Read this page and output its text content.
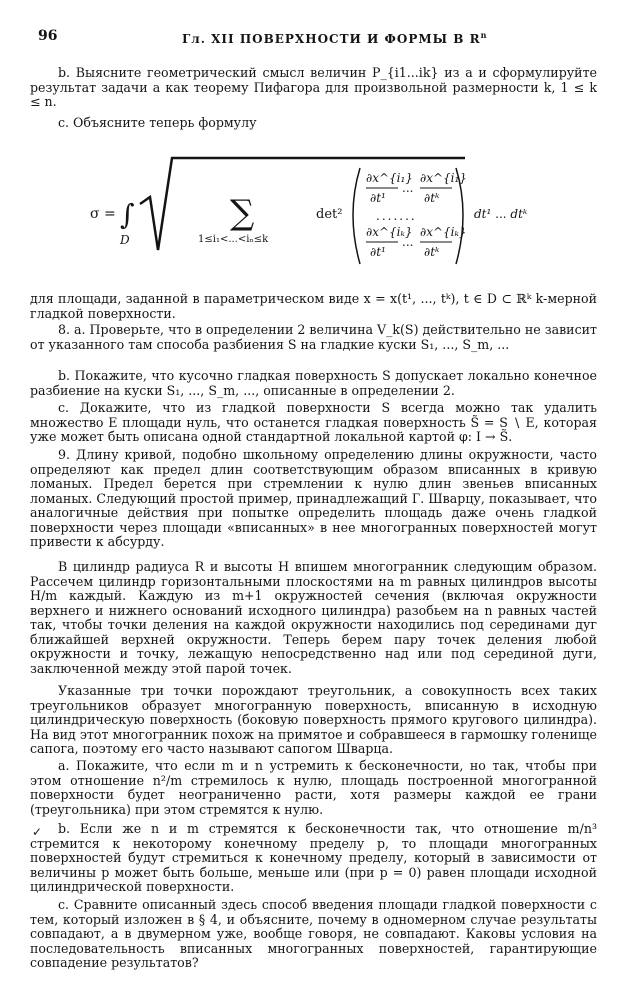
96	Гл. XII ПОВЕРХНОСТИ И ФОРМЫ В $R^n$

b. Выясните геометрический смысл величин P_{i1...ik} из a и сформулируйте результат задачи a как теорему Пифагора для произвольной размерности k, 1 ≤ k ≤ n.

c. Объясните теперь формулу

σ = ∫
D
∑
1≤i₁<...<iₙ≤k
det²
∂x^{i₁}
∂t¹
...
∂x^{i₁}
∂tᵏ
.......
∂x^{iₖ}
∂t¹
...
∂x^{iₖ}
∂tᵏ
dt¹ ... dtᵏ

для площади, заданной в параметрическом виде x = x(t¹, ..., tᵏ), t ∈ D ⊂ ℝᵏ k-мерной гладкой поверхности.

8. a. Проверьте, что в определении 2 величина V_k(S) действительно не зависит от указанного там способа разбиения S на гладкие куски S₁, ..., S_m, ...

b. Покажите, что кусочно гладкая поверхность S допускает локально конечное разбиение на куски S₁, ..., S_m, ..., описанные в определении 2.

c. Докажите, что из гладкой поверхности S всегда можно так удалить множество E площади нуль, что останется гладкая поверхность S̃ = S ∖ E, которая уже может быть описана одной стандартной локальной картой φ: I → S̃.

9. Длину кривой, подобно школьному определению длины окружности, часто определяют как предел длин соответствующим образом вписанных в кривую ломаных. Предел берется при стремлении к нулю длин звеньев вписанных ломаных. Следующий простой пример, принадлежащий Г. Шварцу, показывает, что аналогичные действия при попытке определить площадь даже очень гладкой поверхности через площади «вписанных» в нее многогранных поверхностей могут привести к абсурду.

В цилиндр радиуса R и высоты H впишем многогранник следующим образом. Рассечем цилиндр горизонтальными плоскостями на m равных цилиндров высоты H/m каждый. Каждую из m+1 окружностей сечения (включая окружности верхнего и нижнего оснований исходного цилиндра) разобьем на n равных частей так, чтобы точки деления на каждой окружности находились под серединами дуг ближайшей верхней окружности. Теперь берем пару точек деления любой окружности и точку, лежащую непосредственно над или под серединой дуги, заключенной между этой парой точек.

Указанные три точки порождают треугольник, а совокупность всех таких треугольников образует многогранную поверхность, вписанную в исходную цилиндрическую поверхность (боковую поверхность прямого кругового цилиндра). На вид этот многогранник похож на примятое и собравшееся в гармошку голенище сапога, поэтому его часто называют сапогом Шварца.

a. Покажите, что если m и n устремить к бесконечности, но так, чтобы при этом отношение n²/m стремилось к нулю, площадь построенной многогранной поверхности будет неограниченно расти, хотя размеры каждой ее грани (треугольника) при этом стремятся к нулю.

✓	b. Если же n и m стремятся к бесконечности так, что отношение m/n³ стремится к некоторому конечному пределу p, то площади многогранных поверхностей будут стремиться к конечному пределу, который в зависимости от величины p может быть больше, меньше или (при p = 0) равен площади исходной цилиндрической поверхности.

c. Сравните описанный здесь способ введения площади гладкой поверхности с тем, который изложен в § 4, и объясните, почему в одномерном случае результаты совпадают, а в двумерном уже, вообще говоря, не совпадают. Каковы условия на последовательность вписанных многогранных поверхностей, гарантирующие совпадение результатов?
